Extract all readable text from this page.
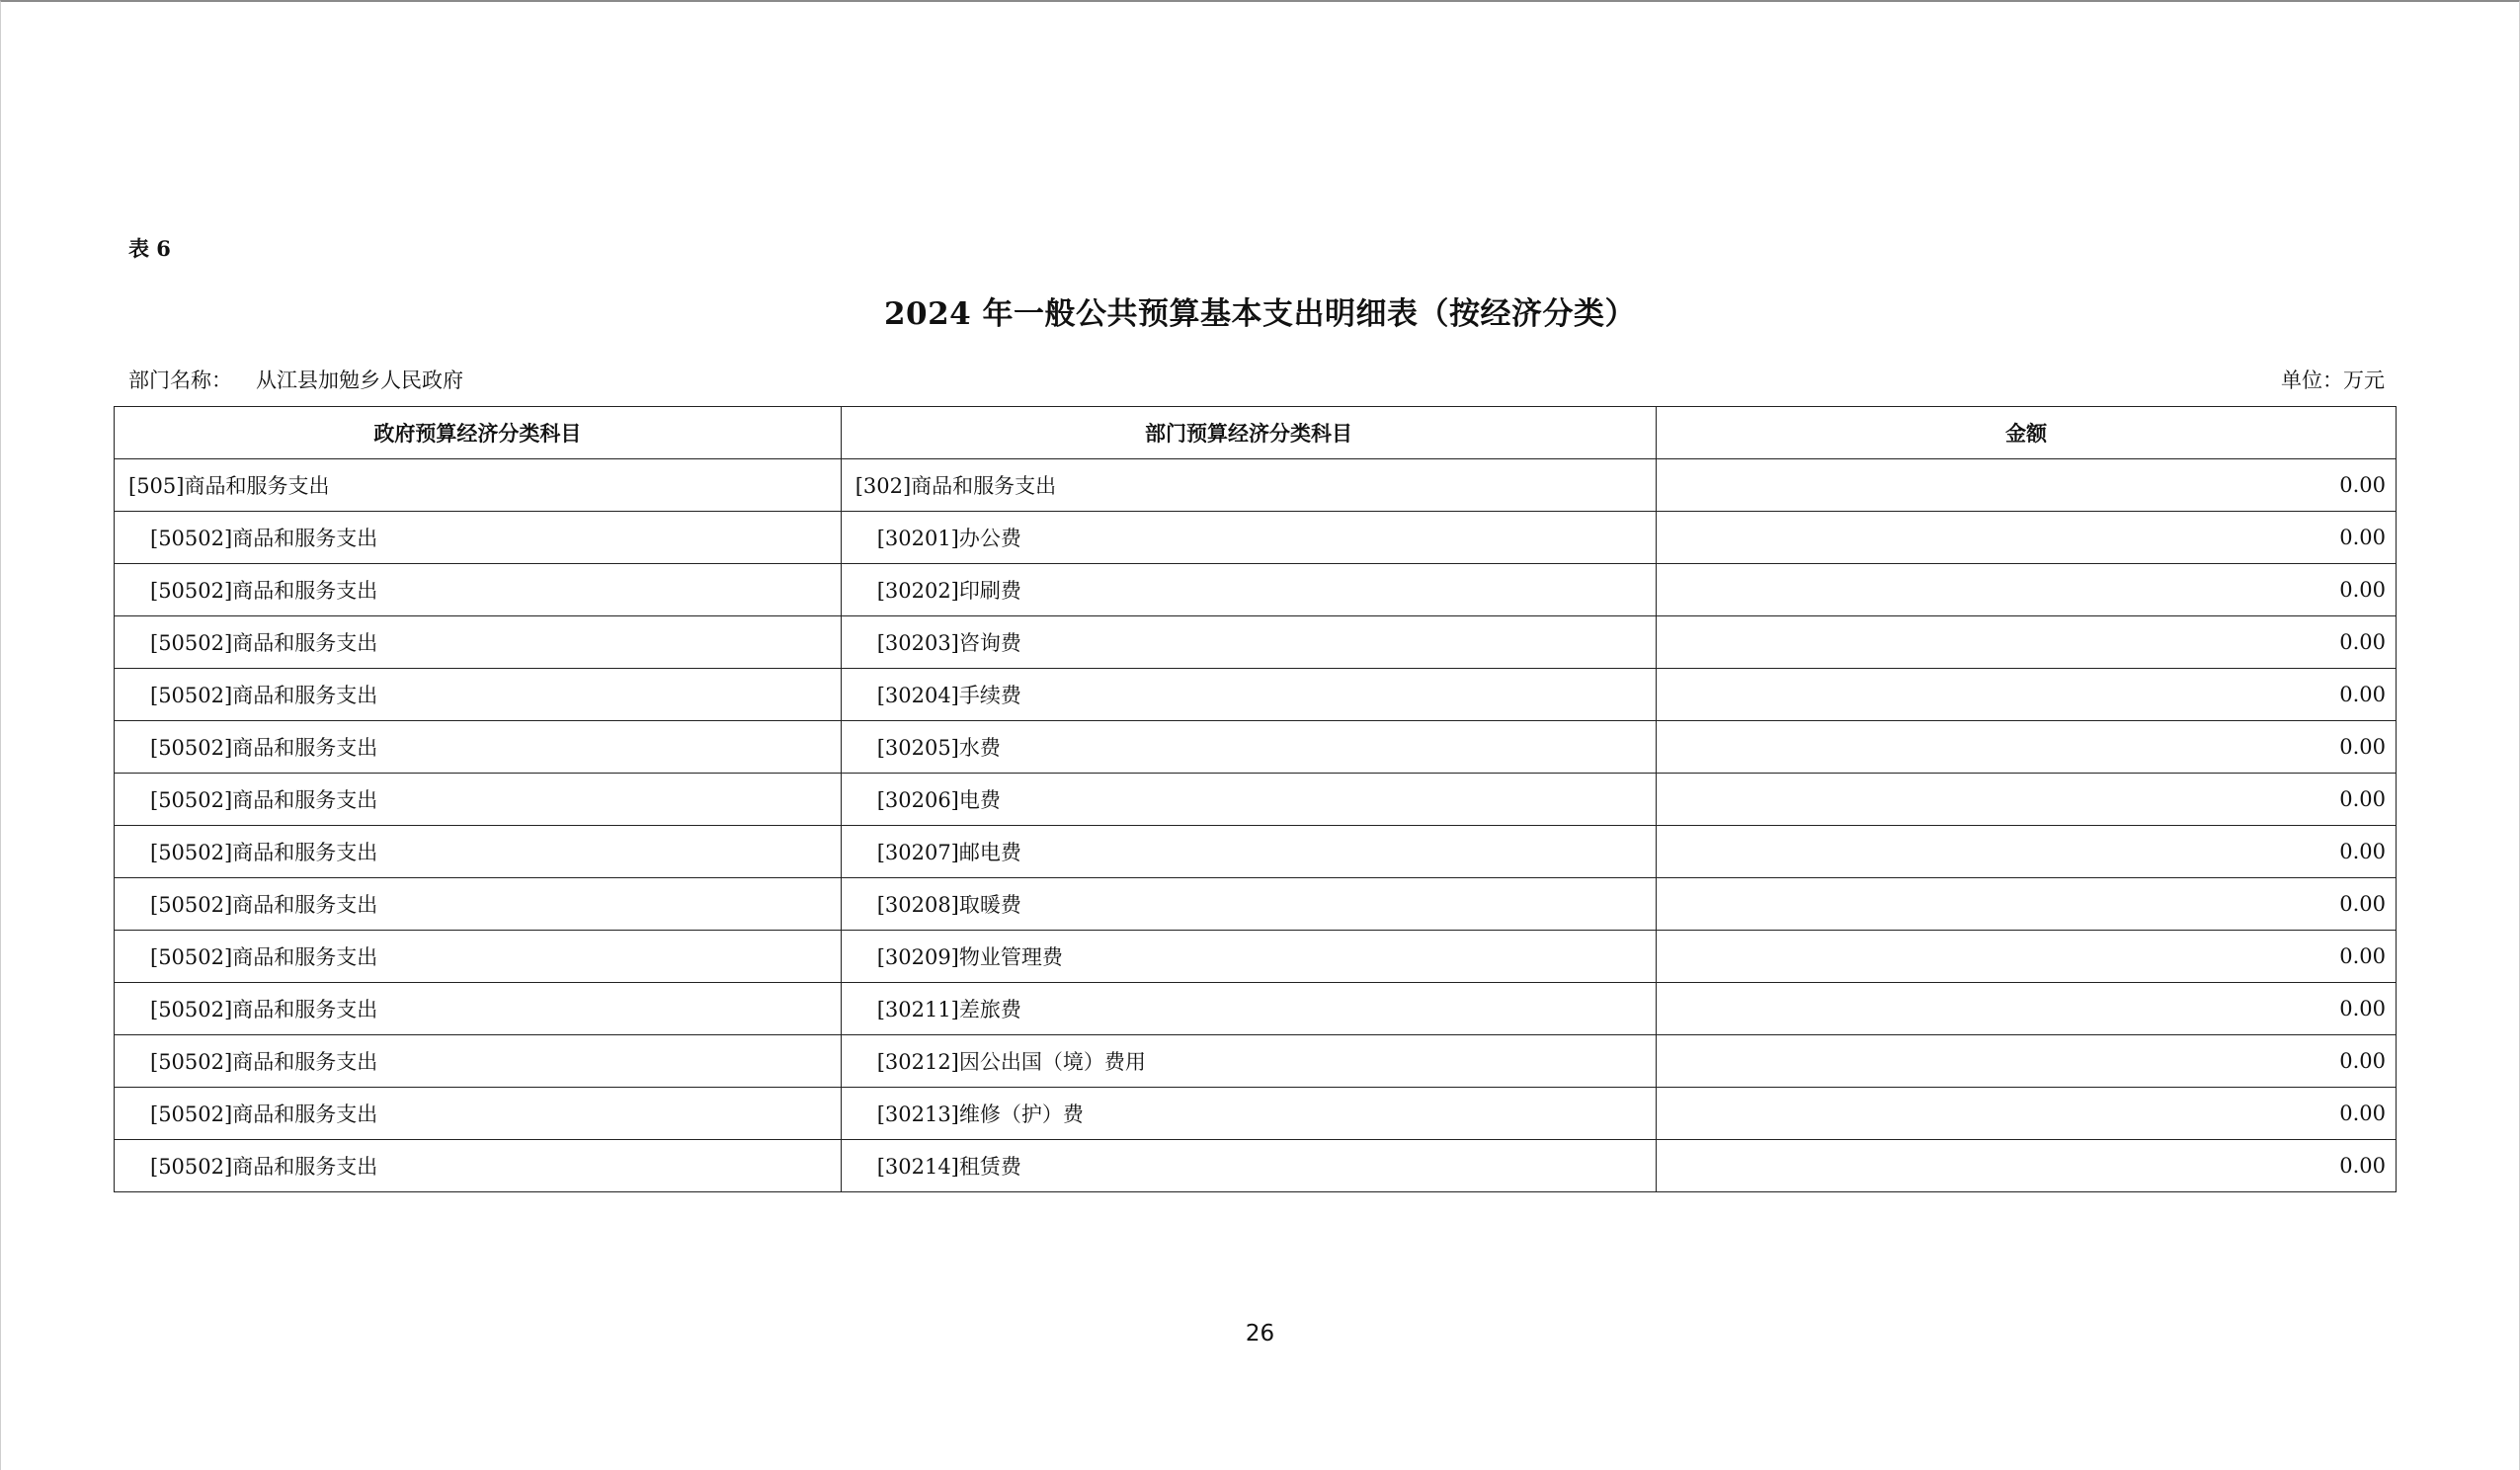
表 6
2024 年一般公共预算基本支出明细表（按经济分类）
部门名称： 从江县加勉乡人民政府	单位：万元
政府预算经济分类科目	部门预算经济分类科目	金额
[505]商品和服务支出	[302]商品和服务支出	0.00
[50502]商品和服务支出	[30201]办公费	0.00
[50502]商品和服务支出	[30202]印刷费	0.00
[50502]商品和服务支出	[30203]咨询费	0.00
[50502]商品和服务支出	[30204]手续费	0.00
[50502]商品和服务支出	[30205]水费	0.00
[50502]商品和服务支出	[30206]电费	0.00
[50502]商品和服务支出	[30207]邮电费	0.00
[50502]商品和服务支出	[30208]取暖费	0.00
[50502]商品和服务支出	[30209]物业管理费	0.00
[50502]商品和服务支出	[30211]差旅费	0.00
[50502]商品和服务支出	[30212]因公出国（境）费用	0.00
[50502]商品和服务支出	[30213]维修（护）费	0.00
[50502]商品和服务支出	[30214]租赁费	0.00
26
